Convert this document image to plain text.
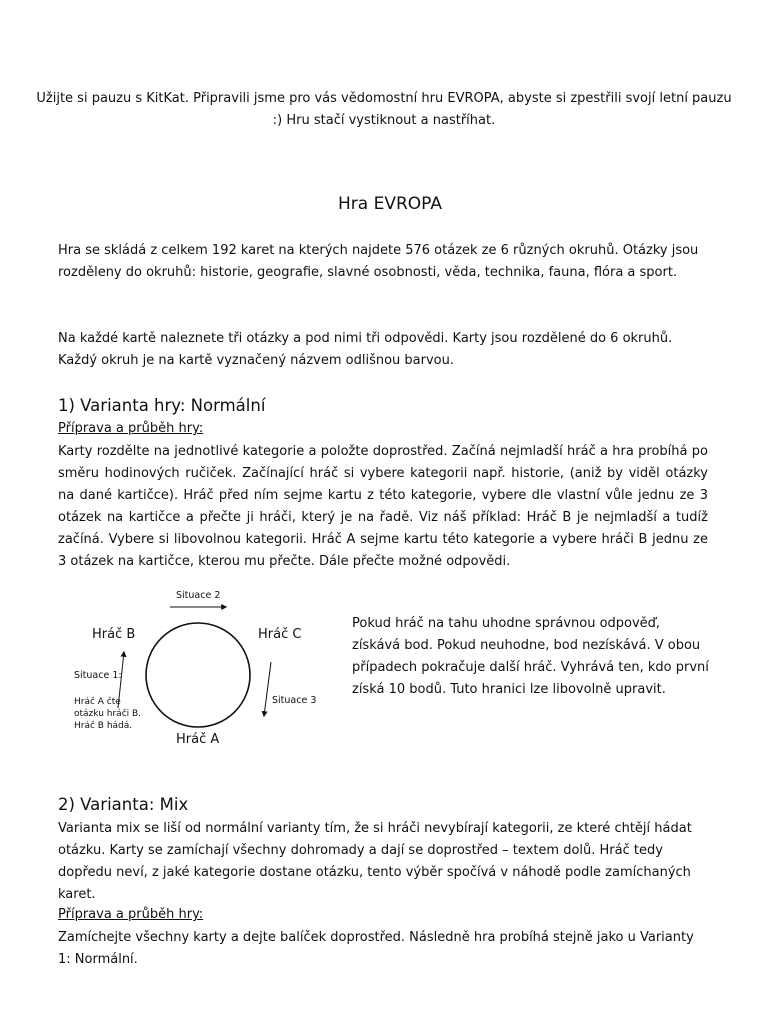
Užijte si pauzu s KitKat. Připravili jsme pro vás vědomostní hru EVROPA, abyste si zpestřili svojí letní pauzu :) Hru stačí vystiknout a nastříhat.
Hra EVROPA
Hra se skládá z celkem 192 karet na kterých najdete 576 otázek ze 6 různých okruhů. Otázky jsou rozděleny do okruhů: historie, geografie, slavné osobnosti, věda, technika, fauna, flóra a sport.
Na každé kartě naleznete tři otázky a pod nimi tři odpovědi. Karty jsou rozdělené do 6 okruhů. Každý okruh je na kartě vyznačený názvem odlišnou barvou.
1) Varianta hry: Normální
Příprava a průběh hry:
Karty rozdělte na jednotlivé kategorie a položte doprostřed. Začíná nejmladší hráč a hra probíhá po směru hodinových ručiček. Začínající hráč si vybere kategorii např. historie, (aniž by viděl otázky na dané kartičce). Hráč před ním sejme kartu z této kategorie, vybere dle vlastní vůle jednu ze 3 otázek na kartičce a přečte ji hráči, který je na řadě. Viz náš příklad: Hráč B je nejmladší a tudíž začíná. Vybere si libovolnou kategorii. Hráč A sejme kartu této kategorie a vybere hráči B jednu ze 3 otázek na kartičce, kterou mu přečte. Dále přečte možné odpovědi.
Situace 2
Hráč B	Hráč C
Situace 1:
Hráč A čte
otázku hráči B.
Hráč B hádá.
Situace 3
Hráč A
Pokud hráč na tahu uhodne správnou odpověď, získává bod. Pokud neuhodne, bod nezískává. V obou případech pokračuje další hráč. Vyhrává ten, kdo první získá 10 bodů. Tuto hranici lze libovolně upravit.
2) Varianta: Mix
Varianta mix se liší od normální varianty tím, že si hráči nevybírají kategorii, ze které chtějí hádat otázku. Karty se zamíchají všechny dohromady a dají se doprostřed – textem dolů. Hráč tedy dopředu neví, z jaké kategorie dostane otázku, tento výběr spočívá v náhodě podle zamíchaných karet.
Příprava a průběh hry:
Zamíchejte všechny karty a dejte balíček doprostřed. Následně hra probíhá stejně jako u Varianty 1: Normální.
